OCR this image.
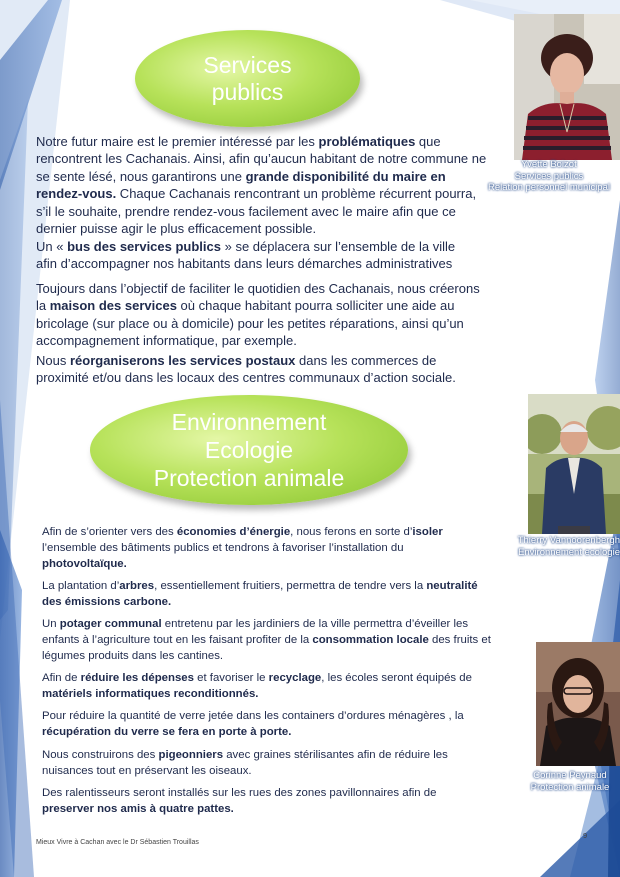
Services
publics

Notre futur maire est le premier intéressé par les problématiques que rencontrent les Cachanais. Ainsi, afin qu’aucun habitant de notre commune ne se sente lésé, nous garantirons une grande disponibilité du maire en rendez-vous. Chaque Cachanais rencontrant un problème récurrent pourra, s’il le souhaite, prendre rendez-vous facilement avec le maire afin que ce dernier puisse agir le plus efficacement possible.

Un « bus des services publics » se déplacera sur l’ensemble de la ville afin d’accompagner nos habitants dans leurs démarches administratives

Toujours dans l’objectif de faciliter le quotidien des Cachanais, nous créerons la maison des services où chaque habitant pourra solliciter une aide au bricolage (sur place ou à domicile) pour les petites réparations, ainsi qu’un accompagnement informatique, par exemple.

Nous réorganiserons les services postaux dans les commerces de proximité et/ou dans les locaux des centres communaux d’action sociale.

Environnement
Ecologie
Protection animale

Afin de s’orienter vers des économies d’énergie, nous ferons en sorte d’isoler l’ensemble des bâtiments publics et tendrons à favoriser l’installation du photovoltaïque.

La plantation d’arbres, essentiellement fruitiers, permettra de tendre vers la neutralité des émissions carbone.

Un potager communal entretenu par les jardiniers de la ville permettra d’éveiller les enfants à l’agriculture tout en les faisant profiter de la consommation locale des fruits et légumes produits dans les cantines.

Afin de réduire les dépenses et favoriser le recyclage, les écoles seront équipés de matériels informatiques reconditionnés.

Pour réduire la quantité de verre jetée dans les containers d’ordures ménagères , la récupération du verre se fera en porte à porte.

Nous construirons des pigeonniers avec graines stérilisantes afin de réduire les nuisances tout en préservant les oiseaux.

Des ralentisseurs seront installés sur les rues des zones pavillonnaires afin de preserver nos amis à quatre pattes.

Yvette Boizot
Services publics
Relation personnel municipal
Thierry Vannoorenbergh
Environnement ecologie
Corinne Peynaud
Protection animale
Mieux Vivre à Cachan avec le Dr Sébastien Trouillas
9
